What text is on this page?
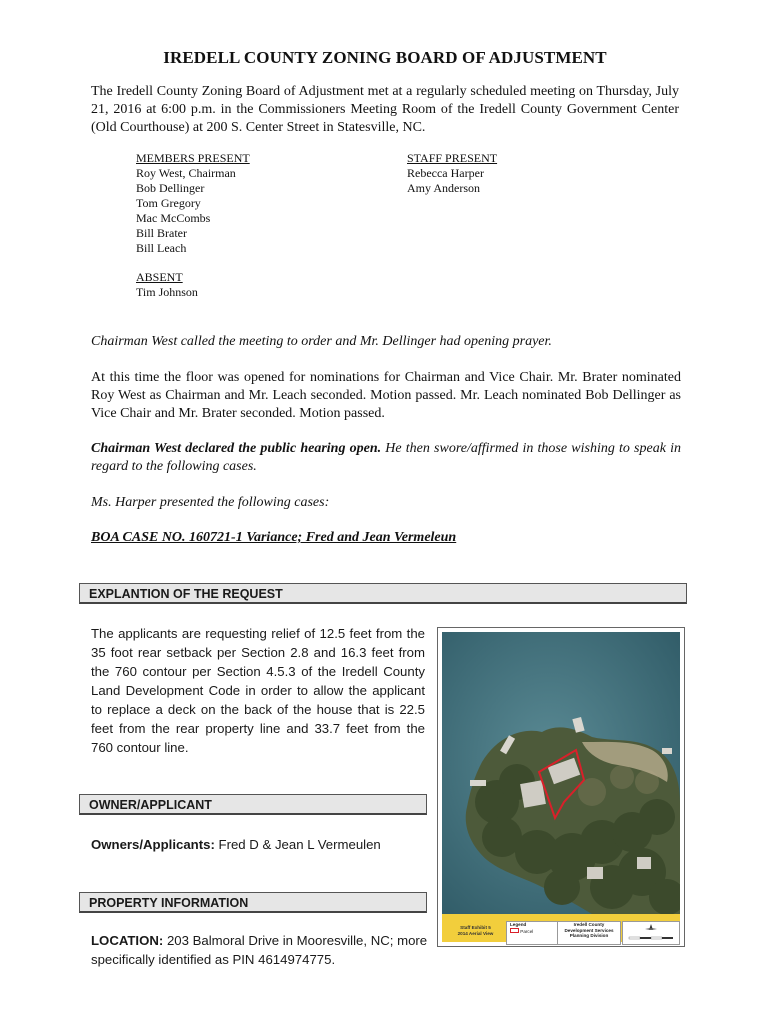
IREDELL COUNTY ZONING BOARD OF ADJUSTMENT
The Iredell County Zoning Board of Adjustment met at a regularly scheduled meeting on Thursday, July 21, 2016 at 6:00 p.m. in the Commissioners Meeting Room of the Iredell County Government Center (Old Courthouse) at 200 S. Center Street in Statesville, NC.
MEMBERS PRESENT
Roy West, Chairman
Bob Dellinger
Tom Gregory
Mac McCombs
Bill Brater
Bill Leach
STAFF PRESENT
Rebecca Harper
Amy Anderson
ABSENT
Tim Johnson
Chairman West called the meeting to order and Mr. Dellinger had opening prayer.
At this time the floor was opened for nominations for Chairman and Vice Chair. Mr. Brater nominated Roy West as Chairman and Mr. Leach seconded. Motion passed. Mr. Leach nominated Bob Dellinger as Vice Chair and Mr. Brater seconded. Motion passed.
Chairman West declared the public hearing open. He then swore/affirmed in those wishing to speak in regard to the following cases.
Ms. Harper presented the following cases:
BOA CASE NO. 160721-1 Variance; Fred and Jean Vermeleun
EXPLANTION OF THE REQUEST
The applicants are requesting relief of 12.5 feet from the 35 foot rear setback per Section 2.8 and 16.3 feet from the 760 contour per Section 4.5.3 of the Iredell County Land Development Code in order to allow the applicant to replace a deck on the back of the house that is 22.5 feet from the rear property line and 33.7 feet from the 760 contour line.
OWNER/APPLICANT
Owners/Applicants: Fred D & Jean L Vermeulen
PROPERTY INFORMATION
LOCATION: 203 Balmoral Drive in Mooresville, NC; more specifically identified as PIN 4614974775.
Staff Exhibit 5
2014 Aerial View
Legend
Parcel
Iredell County
Development Services
Planning Division
